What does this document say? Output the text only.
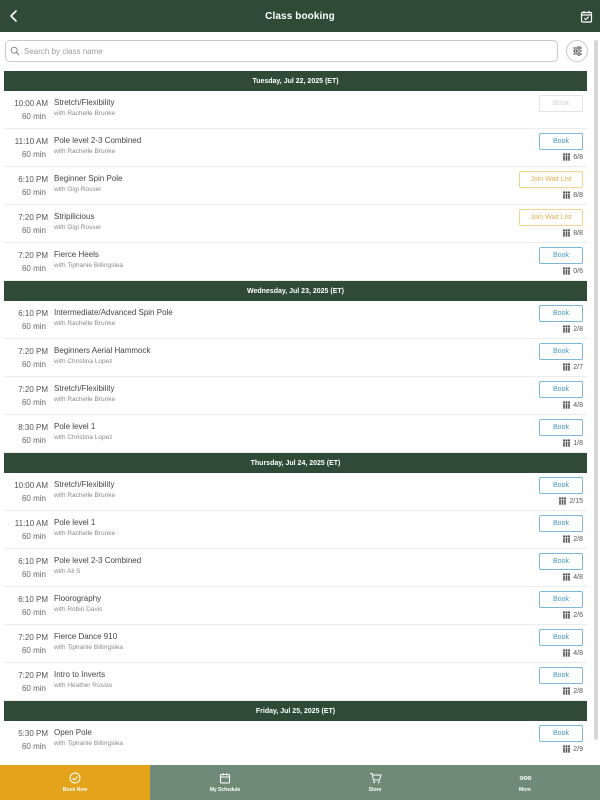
Class booking
Search by class name
Tuesday, Jul 22, 2025 (ET)
10:00 AM
60 min
Stretch/Flexibility
with Rachelle Brunke
Book
11:10 AM
60 min
Pole level 2-3 Combined
with Rachelle Brunke
Book
6/8
6:10 PM
60 min
Beginner Spin Pole
with Gigi Rosser
Join Wait List
8/8
7:20 PM
60 min
Stripilicious
with Gigi Rosser
Join Wait List
8/8
7:20 PM
60 min
Fierce Heels
with Tiphanie Billingslea
Book
0/6
Wednesday, Jul 23, 2025 (ET)
6:10 PM
60 min
Intermediate/Advanced Spin Pole
with Rachelle Brunke
Book
2/8
7:20 PM
60 min
Beginners Aerial Hammock
with Christina Lopez
Book
2/7
7:20 PM
60 min
Stretch/Flexibility
with Rachelle Brunke
Book
4/8
8:30 PM
60 min
Pole level 1
with Christina Lopez
Book
1/8
Thursday, Jul 24, 2025 (ET)
10:00 AM
60 min
Stretch/Flexibility
with Rachelle Brunke
Book
2/15
11:10 AM
60 min
Pole level 1
with Rachelle Brunke
Book
2/8
6:10 PM
60 min
Pole level 2-3 Combined
with Ali S
Book
4/8
6:10 PM
60 min
Floorography
with Robin Davis
Book
2/6
7:20 PM
60 min
Fierce Dance 910
with Tiphanie Billingslea
Book
4/8
7:20 PM
60 min
Intro to Inverts
with Heather Rossio
Book
2/8
Friday, Jul 25, 2025 (ET)
5:30 PM
60 min
Open Pole
with Tiphanie Billingslea
Book
2/9
Book Now	My Schedule	Store	More
